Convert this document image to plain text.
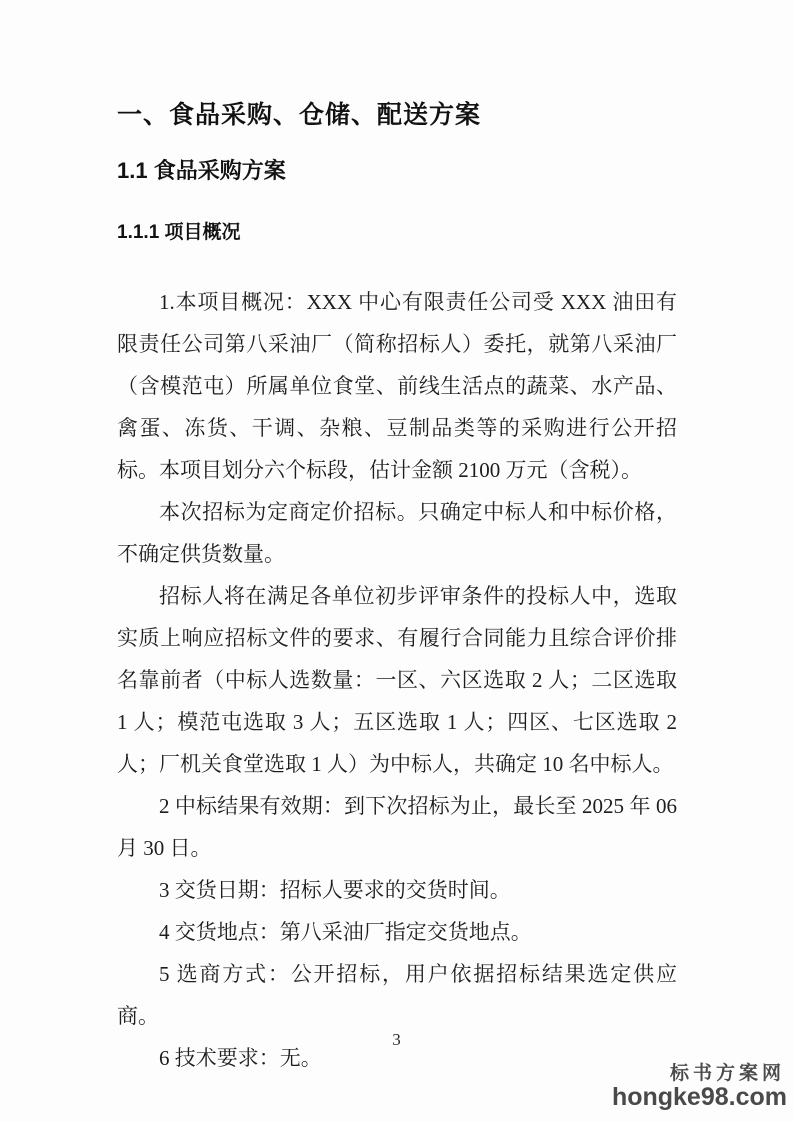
一、食品采购、仓储、配送方案
1.1 食品采购方案
1.1.1 项目概况

1.本项目概况：XXX 中心有限责任公司受 XXX 油田有限责任公司第八采油厂（简称招标人）委托，就第八采油厂（含模范屯）所属单位食堂、前线生活点的蔬菜、水产品、禽蛋、冻货、干调、杂粮、豆制品类等的采购进行公开招标。本项目划分六个标段，估计金额 2100 万元（含税）。

本次招标为定商定价招标。只确定中标人和中标价格，不确定供货数量。

招标人将在满足各单位初步评审条件的投标人中，选取实质上响应招标文件的要求、有履行合同能力且综合评价排名靠前者（中标人选数量：一区、六区选取 2 人；二区选取 1 人；模范屯选取 3 人；五区选取 1 人；四区、七区选取 2 人；厂机关食堂选取 1 人）为中标人，共确定 10 名中标人。

2 中标结果有效期：到下次招标为止，最长至 2025 年 06 月 30 日。

3 交货日期：招标人要求的交货时间。

4 交货地点：第八采油厂指定交货地点。

5 选商方式：公开招标，用户依据招标结果选定供应商。

6 技术要求：无。

3
标书方案网
hongke98.com
